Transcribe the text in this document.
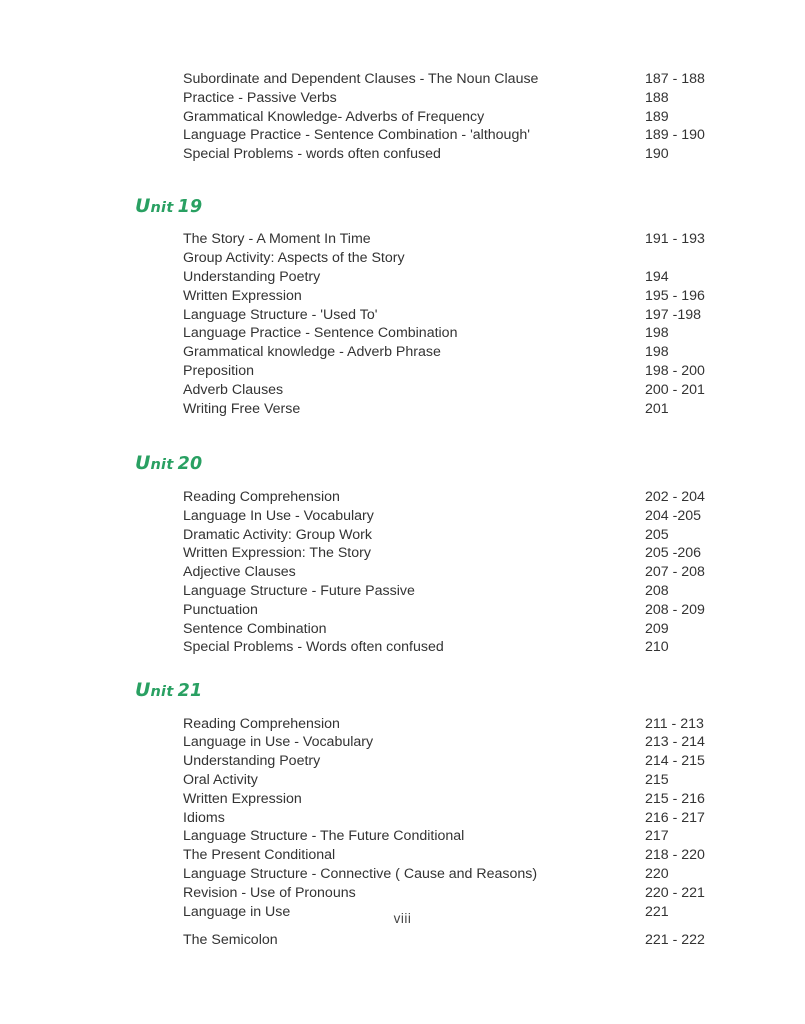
Subordinate and Dependent Clauses - The Noun Clause	187 - 188
Practice - Passive Verbs	188
Grammatical Knowledge- Adverbs of Frequency	189
Language Practice - Sentence Combination - 'although'	189 - 190
Special Problems - words often confused	190
Unit 19
The Story - A Moment In Time	191 - 193
Group Activity: Aspects of the Story
Understanding Poetry	194
Written Expression	195 - 196
Language Structure - 'Used To'	197 -198
Language Practice - Sentence Combination	198
Grammatical knowledge - Adverb Phrase	198
Preposition	198 - 200
Adverb Clauses	200 - 201
Writing Free Verse	201
Unit 20
Reading Comprehension	202 - 204
Language In Use - Vocabulary	204 -205
Dramatic Activity: Group Work	205
Written Expression: The Story	205 -206
Adjective Clauses	207 - 208
Language Structure - Future Passive	208
Punctuation	208 - 209
Sentence Combination	209
Special Problems - Words often confused	210
Unit 21
Reading Comprehension	211 - 213
Language in Use - Vocabulary	213 - 214
Understanding Poetry	214 - 215
Oral Activity	215
Written Expression	215 - 216
Idioms	216 - 217
Language Structure - The Future Conditional	217
The Present Conditional	218 - 220
Language Structure - Connective ( Cause and Reasons)	220
Revision - Use of Pronouns	220 - 221
Language in Use	221
The Semicolon	221 - 222
viii
